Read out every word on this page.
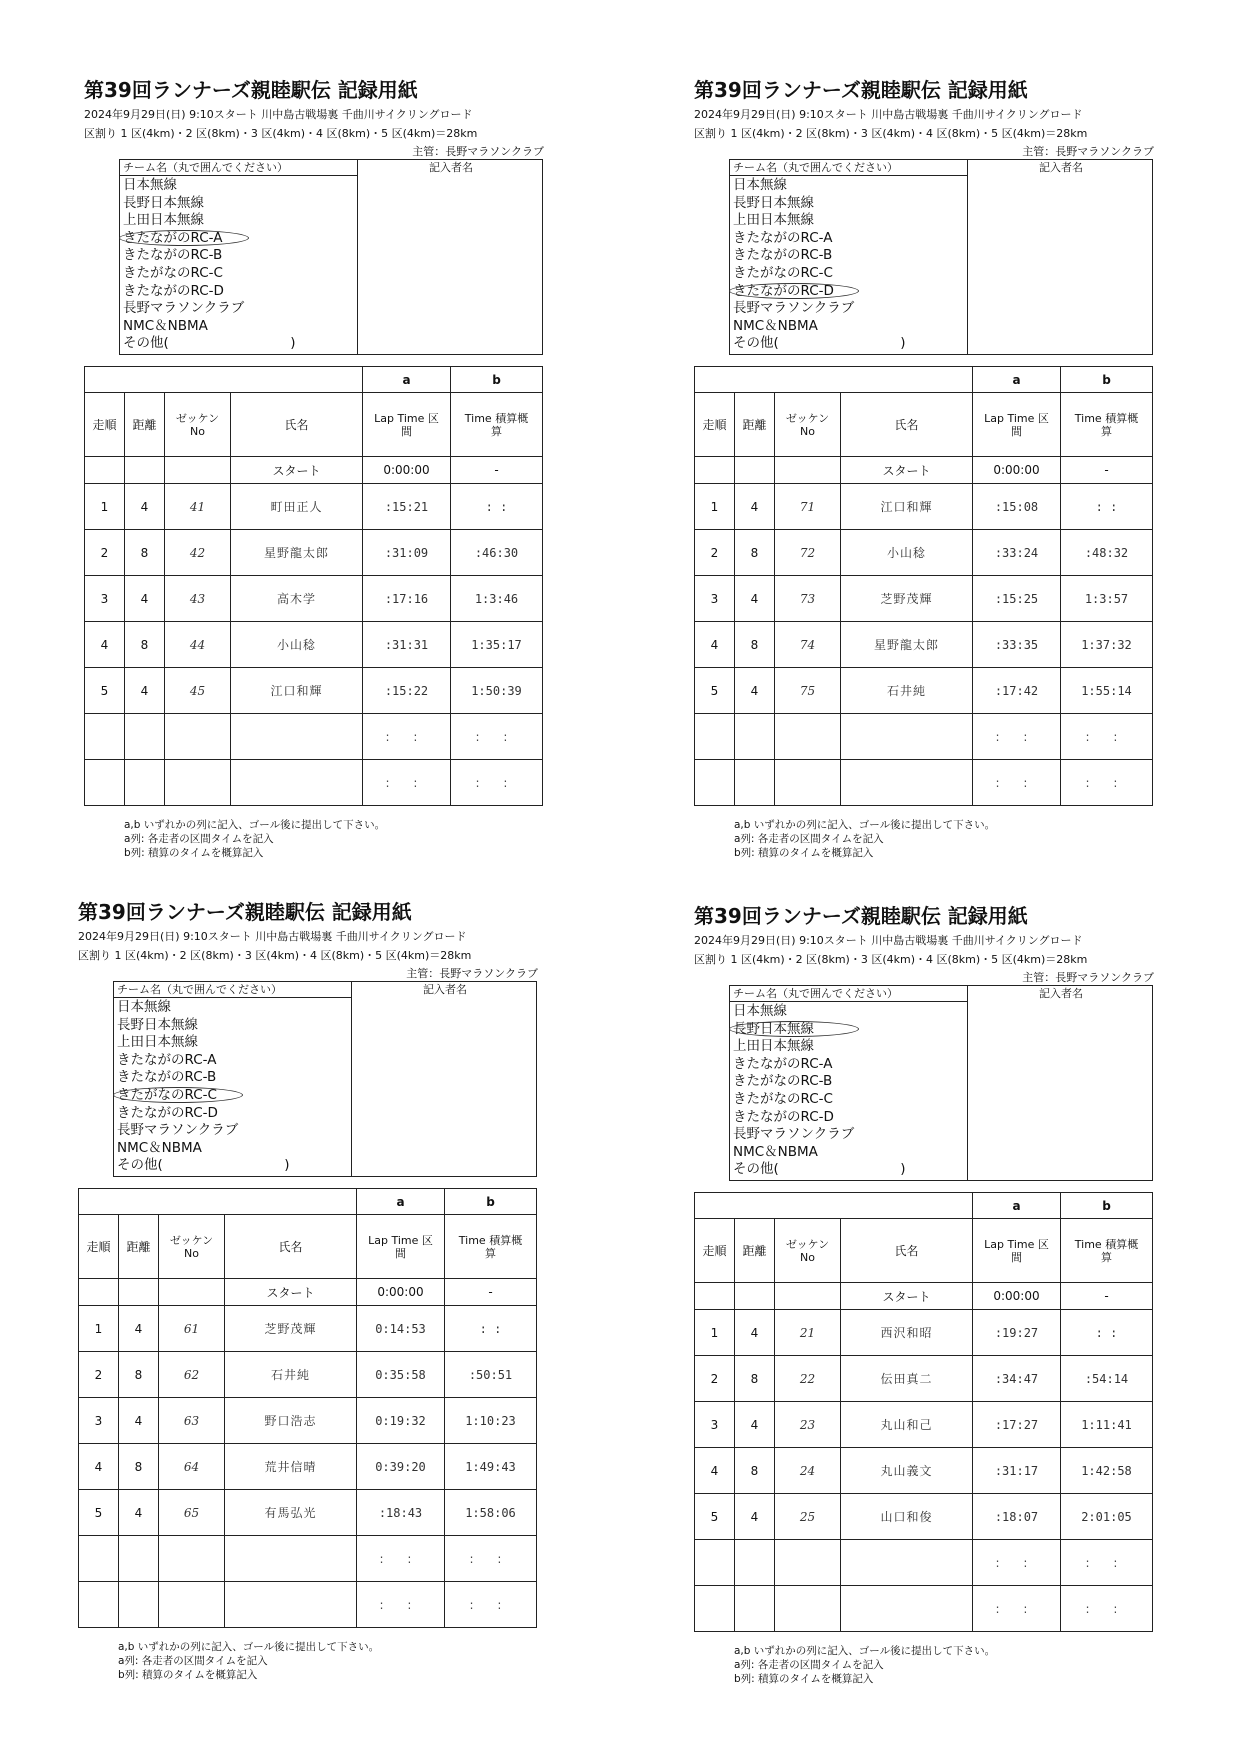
第39回ランナーズ親睦駅伝 記録用紙
2024年9月29日(日) 9:10スタート 川中島古戦場裏 千曲川サイクリングロード
区割り 1 区(4km)・2 区(8km)・3 区(4km)・4 区(8km)・5 区(4km)＝28km
主管：長野マラソンクラブ
チーム名（丸で囲んでください）
日本無線
長野日本無線
上田日本無線
きたながのRC-A
きたながのRC-B
きたがなのRC-C
きたながのRC-D
長野マラソンクラブ
NMC＆NBMA
その他(　　　　　　　　　)
記入者名
				a	b
走順	距離	ゼッケン No	氏名	Lap Time 区間	Time 積算概算
			スタート	0:00:00	-
1	4	41	町田正人	:15:21	: :
2	8	42	星野龍太郎	:31:09	:46:30
3	4	43	高木学	:17:16	1:3:46
4	8	44	小山稔	:31:31	1:35:17
5	4	45	江口和輝	:15:22	1:50:39
				: :	: :
				: :	: :
a,b いずれかの列に記入、ゴール後に提出して下さい。
a列: 各走者の区間タイムを記入
b列: 積算のタイムを概算記入
第39回ランナーズ親睦駅伝 記録用紙
2024年9月29日(日) 9:10スタート 川中島古戦場裏 千曲川サイクリングロード
区割り 1 区(4km)・2 区(8km)・3 区(4km)・4 区(8km)・5 区(4km)＝28km
主管：長野マラソンクラブ
チーム名（丸で囲んでください）
日本無線
長野日本無線
上田日本無線
きたながのRC-A
きたながのRC-B
きたがなのRC-C
きたながのRC-D
長野マラソンクラブ
NMC＆NBMA
その他(　　　　　　　　　)
記入者名
				a	b
走順	距離	ゼッケン No	氏名	Lap Time 区間	Time 積算概算
			スタート	0:00:00	-
1	4	71	江口和輝	:15:08	: :
2	8	72	小山稔	:33:24	:48:32
3	4	73	芝野茂輝	:15:25	1:3:57
4	8	74	星野龍太郎	:33:35	1:37:32
5	4	75	石井純	:17:42	1:55:14
				: :	: :
				: :	: :
a,b いずれかの列に記入、ゴール後に提出して下さい。
a列: 各走者の区間タイムを記入
b列: 積算のタイムを概算記入
第39回ランナーズ親睦駅伝 記録用紙
2024年9月29日(日) 9:10スタート 川中島古戦場裏 千曲川サイクリングロード
区割り 1 区(4km)・2 区(8km)・3 区(4km)・4 区(8km)・5 区(4km)＝28km
主管：長野マラソンクラブ
チーム名（丸で囲んでください）
日本無線
長野日本無線
上田日本無線
きたながのRC-A
きたながのRC-B
きたがなのRC-C
きたながのRC-D
長野マラソンクラブ
NMC＆NBMA
その他(　　　　　　　　　)
記入者名
				a	b
走順	距離	ゼッケン No	氏名	Lap Time 区間	Time 積算概算
			スタート	0:00:00	-
1	4	61	芝野茂輝	0:14:53	: :
2	8	62	石井純	0:35:58	:50:51
3	4	63	野口浩志	0:19:32	1:10:23
4	8	64	荒井信晴	0:39:20	1:49:43
5	4	65	有馬弘光	:18:43	1:58:06
				: :	: :
				: :	: :
a,b いずれかの列に記入、ゴール後に提出して下さい。
a列: 各走者の区間タイムを記入
b列: 積算のタイムを概算記入
第39回ランナーズ親睦駅伝 記録用紙
2024年9月29日(日) 9:10スタート 川中島古戦場裏 千曲川サイクリングロード
区割り 1 区(4km)・2 区(8km)・3 区(4km)・4 区(8km)・5 区(4km)＝28km
主管：長野マラソンクラブ
チーム名（丸で囲んでください）
日本無線
長野日本無線
上田日本無線
きたながのRC-A
きたがなのRC-B
きたがなのRC-C
きたながのRC-D
長野マラソンクラブ
NMC＆NBMA
その他(　　　　　　　　　)
記入者名
				a	b
走順	距離	ゼッケン No	氏名	Lap Time 区間	Time 積算概算
			スタート	0:00:00	-
1	4	21	西沢和昭	:19:27	: :
2	8	22	伝田真二	:34:47	:54:14
3	4	23	丸山和己	:17:27	1:11:41
4	8	24	丸山義文	:31:17	1:42:58
5	4	25	山口和俊	:18:07	2:01:05
				: :	: :
				: :	: :
a,b いずれかの列に記入、ゴール後に提出して下さい。
a列: 各走者の区間タイムを記入
b列: 積算のタイムを概算記入
